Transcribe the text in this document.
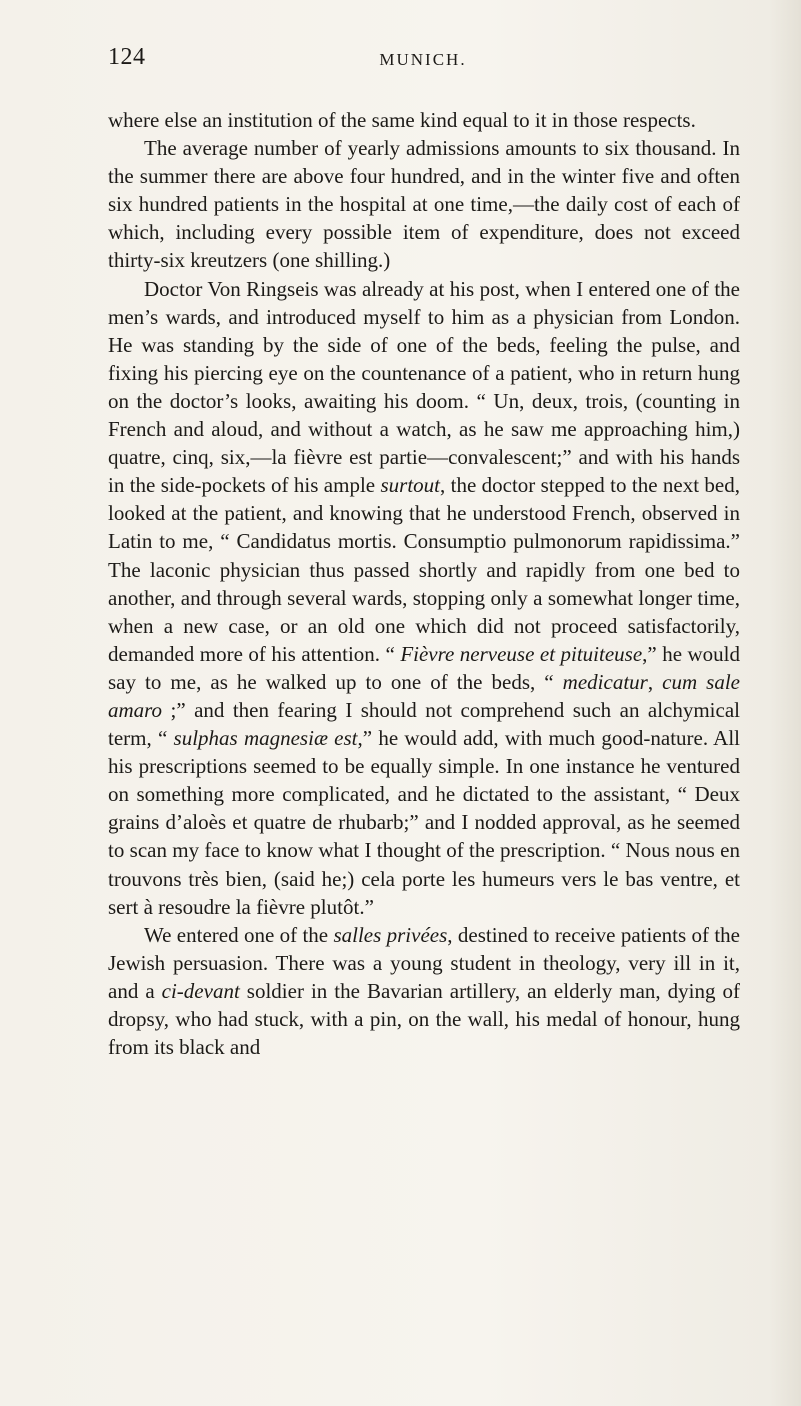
124	MUNICH.

where else an institution of the same kind equal to it in those respects.

The average number of yearly admissions amounts to six thousand. In the summer there are above four hundred, and in the winter five and often six hundred patients in the hospital at one time,—the daily cost of each of which, including every possible item of expenditure, does not exceed thirty-six kreutzers (one shilling.)

Doctor Von Ringseis was already at his post, when I entered one of the men’s wards, and introduced myself to him as a physician from London. He was standing by the side of one of the beds, feeling the pulse, and fixing his piercing eye on the countenance of a patient, who in return hung on the doctor’s looks, awaiting his doom. “ Un, deux, trois, (counting in French and aloud, and without a watch, as he saw me approaching him,) quatre, cinq, six,—la fièvre est partie—convalescent;” and with his hands in the side-pockets of his ample surtout, the doctor stepped to the next bed, looked at the patient, and knowing that he understood French, observed in Latin to me, “ Candidatus mortis. Consumptio pulmonorum rapidissima.” The laconic physician thus passed shortly and rapidly from one bed to another, and through several wards, stopping only a somewhat longer time, when a new case, or an old one which did not proceed satisfactorily, demanded more of his attention. “ Fièvre nerveuse et pituiteuse,” he would say to me, as he walked up to one of the beds, “ medicatur, cum sale amaro ;” and then fearing I should not comprehend such an alchymical term, “ sulphas magnesiæ est,” he would add, with much good-nature. All his prescriptions seemed to be equally simple. In one instance he ventured on something more complicated, and he dictated to the assistant, “ Deux grains d’aloès et quatre de rhubarb;” and I nodded approval, as he seemed to scan my face to know what I thought of the prescription. “ Nous nous en trouvons très bien, (said he;) cela porte les humeurs vers le bas ventre, et sert à resoudre la fièvre plutôt.”

We entered one of the salles privées, destined to receive patients of the Jewish persuasion. There was a young student in theology, very ill in it, and a ci-devant soldier in the Bavarian artillery, an elderly man, dying of dropsy, who had stuck, with a pin, on the wall, his medal of honour, hung from its black and
